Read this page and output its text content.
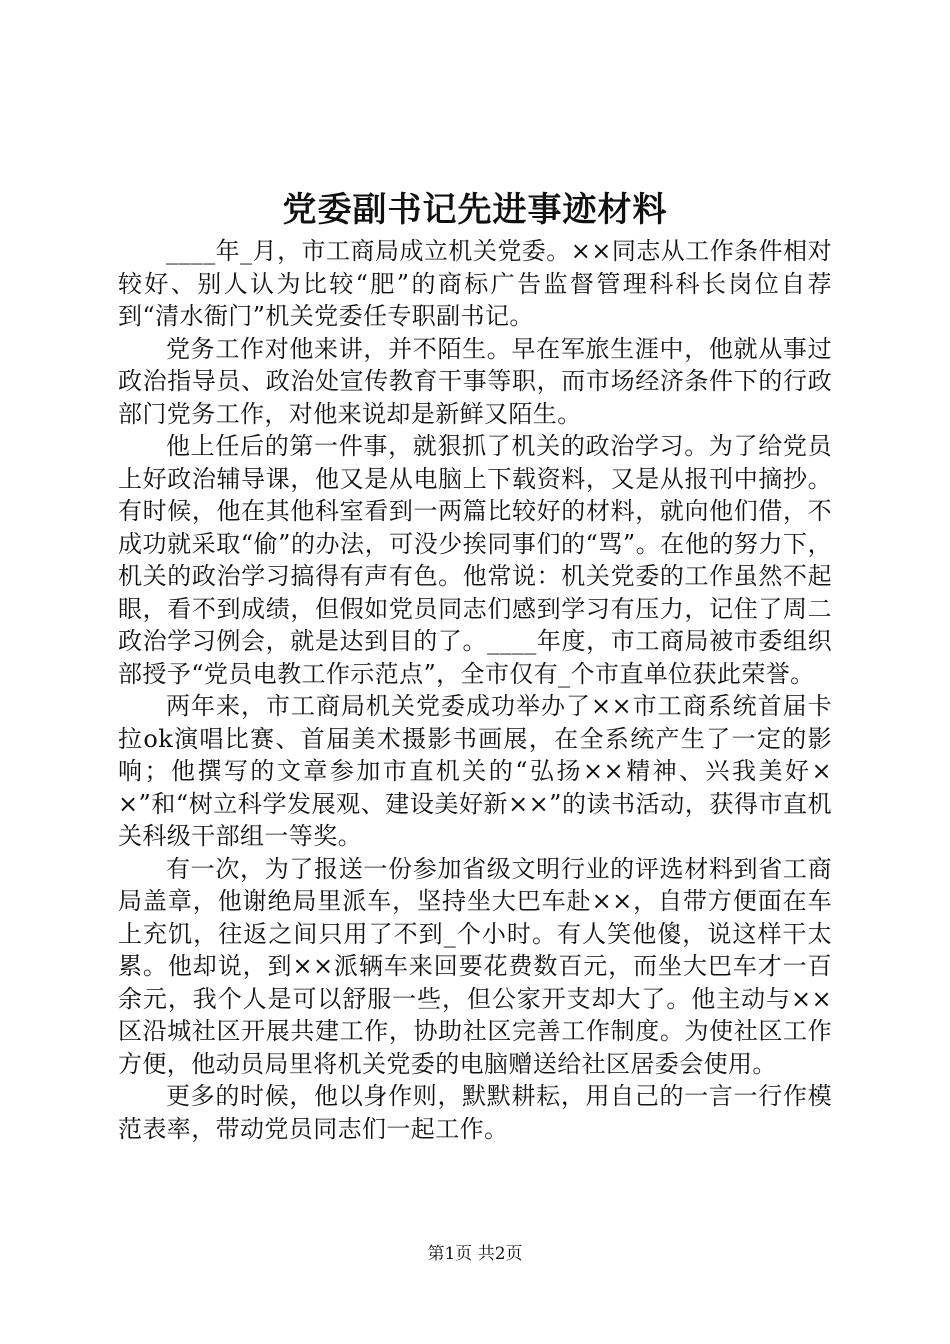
党委副书记先进事迹材料

____年_月，市工商局成立机关党委。××同志从工作条件相对较好、别人认为比较“肥”的商标广告监督管理科科长岗位自荐到“清水衙门”机关党委任专职副书记。

党务工作对他来讲，并不陌生。早在军旅生涯中，他就从事过政治指导员、政治处宣传教育干事等职，而市场经济条件下的行政部门党务工作，对他来说却是新鲜又陌生。

他上任后的第一件事，就狠抓了机关的政治学习。为了给党员上好政治辅导课，他又是从电脑上下载资料，又是从报刊中摘抄。有时候，他在其他科室看到一两篇比较好的材料，就向他们借，不成功就采取“偷”的办法，可没少挨同事们的“骂”。在他的努力下，机关的政治学习搞得有声有色。他常说：机关党委的工作虽然不起眼，看不到成绩，但假如党员同志们感到学习有压力，记住了周二政治学习例会，就是达到目的了。____年度，市工商局被市委组织部授予“党员电教工作示范点”，全市仅有_个市直单位获此荣誉。

两年来，市工商局机关党委成功举办了××市工商系统首届卡拉ok演唱比赛、首届美术摄影书画展，在全系统产生了一定的影响；他撰写的文章参加市直机关的“弘扬××精神、兴我美好××”和“树立科学发展观、建设美好新××”的读书活动，获得市直机关科级干部组一等奖。

有一次，为了报送一份参加省级文明行业的评选材料到省工商局盖章，他谢绝局里派车，坚持坐大巴车赴××，自带方便面在车上充饥，往返之间只用了不到_个小时。有人笑他傻，说这样干太累。他却说，到××派辆车来回要花费数百元，而坐大巴车才一百余元，我个人是可以舒服一些，但公家开支却大了。他主动与××区沿城社区开展共建工作，协助社区完善工作制度。为使社区工作方便，他动员局里将机关党委的电脑赠送给社区居委会使用。

更多的时候，他以身作则，默默耕耘，用自己的一言一行作模范表率，带动党员同志们一起工作。

第1页 共2页
